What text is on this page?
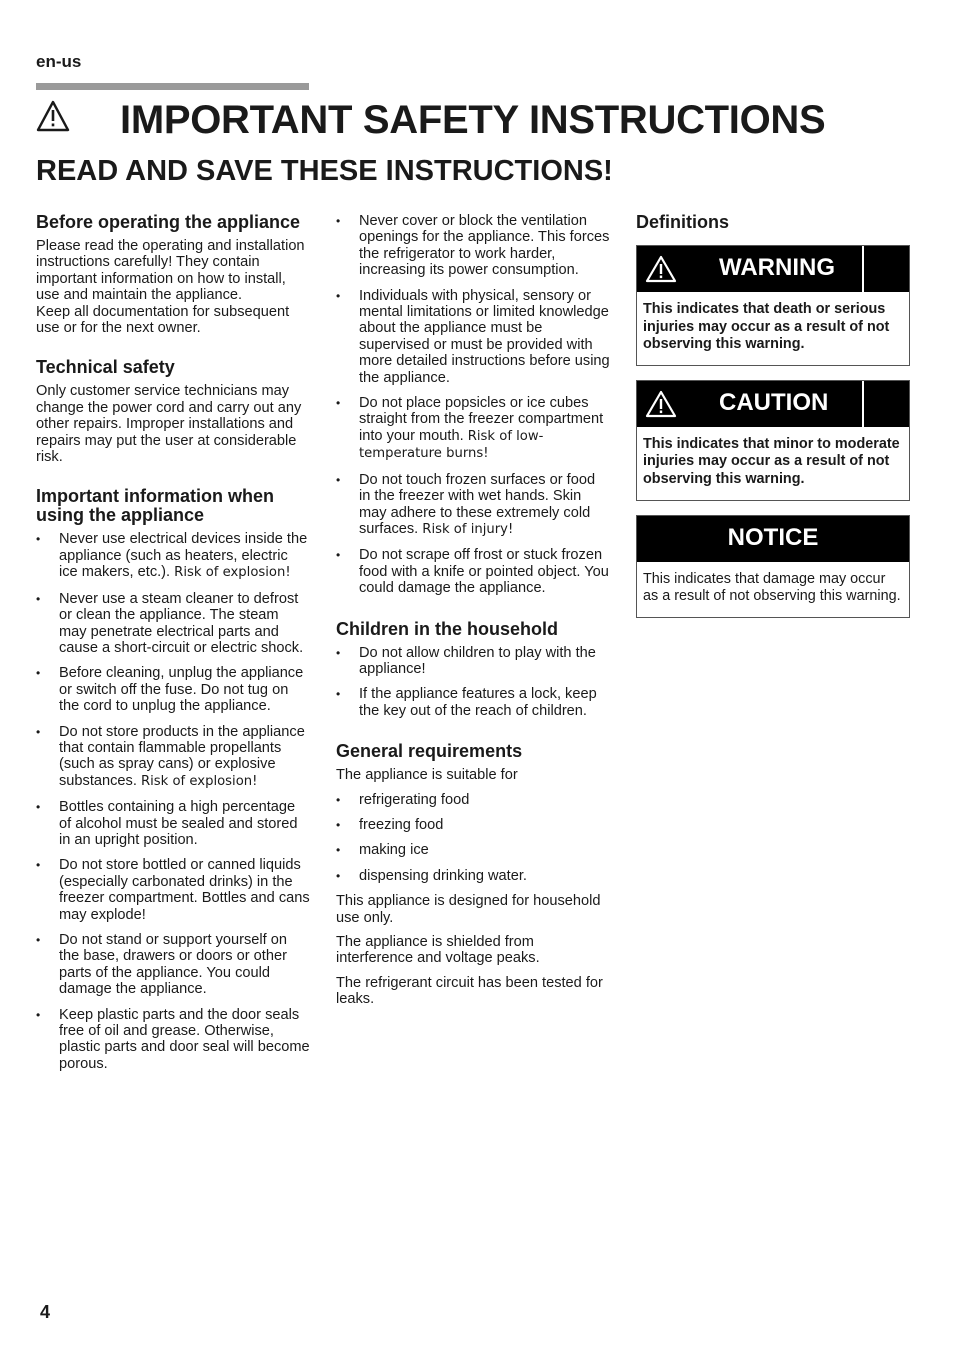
en-us
IMPORTANT SAFETY INSTRUCTIONS
READ AND SAVE THESE INSTRUCTIONS!
Before operating the appliance

Please read the operating and installation instructions carefully! They contain important information on how to install, use and maintain the appliance.

Keep all documentation for subsequent use or for the next owner.

Technical safety

Only customer service technicians may change the power cord and carry out any other repairs. Improper installations and repairs may put the user at considerable risk.

Important information when using the appliance
• Never use electrical devices inside the appliance (such as heaters, electric ice makers, etc.). Risk of explosion!
• Never use a steam cleaner to defrost or clean the appliance. The steam may penetrate electrical parts and cause a short-circuit or electric shock.
• Before cleaning, unplug the appliance or switch off the fuse. Do not tug on the cord to unplug the appliance.
• Do not store products in the appliance that contain flammable propellants (such as spray cans) or explosive substances. Risk of explosion!
• Bottles containing a high percentage of alcohol must be sealed and stored in an upright position.
• Do not store bottled or canned liquids (especially carbonated drinks) in the freezer compartment. Bottles and cans may explode!
• Do not stand or support yourself on the base, drawers or doors or other parts of the appliance. You could damage the appliance.
• Keep plastic parts and the door seals free of oil and grease. Otherwise, plastic parts and door seal will become porous.
• Never cover or block the ventilation openings for the appliance. This forces the refrigerator to work harder, increasing its power consumption.
• Individuals with physical, sensory or mental limitations or limited knowledge about the appliance must be supervised or must be provided with more detailed instructions before using the appliance.
• Do not place popsicles or ice cubes straight from the freezer compartment into your mouth. Risk of low-temperature burns!
• Do not touch frozen surfaces or food in the freezer with wet hands. Skin may adhere to these extremely cold surfaces. Risk of injury!
• Do not scrape off frost or stuck frozen food with a knife or pointed object. You could damage the appliance.
Children in the household
• Do not allow children to play with the appliance!
• If the appliance features a lock, keep the key out of the reach of children.
General requirements

The appliance is suitable for

• refrigerating food
• freezing food
• making ice
• dispensing drinking water.

This appliance is designed for household use only.

The appliance is shielded from interference and voltage peaks.

The refrigerant circuit has been tested for leaks.

Definitions
WARNING
This indicates that death or serious injuries may occur as a result of not observing this warning.
CAUTION
This indicates that minor to moderate injuries may occur as a result of not observing this warning.
NOTICE
This indicates that damage may occur as a result of not observing this warning.
4
